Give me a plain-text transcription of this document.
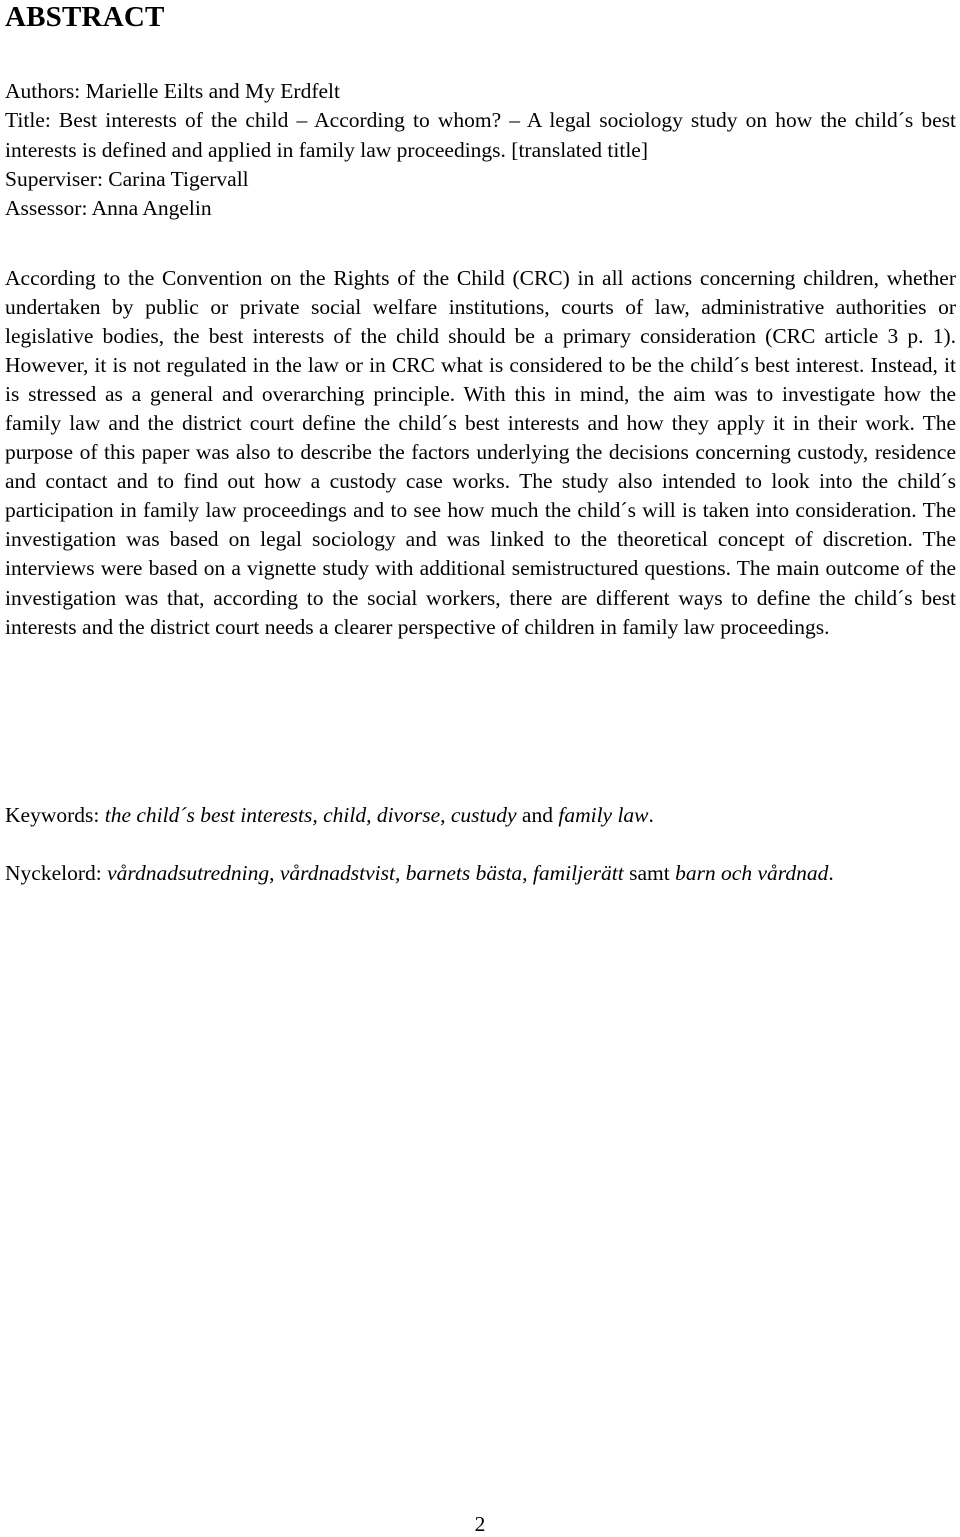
ABSTRACT
Authors: Marielle Eilts and My Erdfelt
Title: Best interests of the child – According to whom? – A legal sociology study on how the child´s best interests is defined and applied in family law proceedings. [translated title]
Superviser: Carina Tigervall
Assessor: Anna Angelin

According to the Convention on the Rights of the Child (CRC) in all actions concerning children, whether undertaken by public or private social welfare institutions, courts of law, administrative authorities or legislative bodies, the best interests of the child should be a primary consideration (CRC article 3 p. 1). However, it is not regulated in the law or in CRC what is considered to be the child´s best interest. Instead, it is stressed as a general and overarching principle. With this in mind, the aim was to investigate how the family law and the district court define the child´s best interests and how they apply it in their work. The purpose of this paper was also to describe the factors underlying the decisions concerning custody, residence and contact and to find out how a custody case works. The study also intended to look into the child´s participation in family law proceedings and to see how much the child´s will is taken into consideration. The investigation was based on legal sociology and was linked to the theoretical concept of discretion. The interviews were based on a vignette study with additional semistructured questions. The main outcome of the investigation was that, according to the social workers, there are different ways to define the child´s best interests and the district court needs a clearer perspective of children in family law proceedings.

Keywords: the child´s best interests, child, divorse, custudy and family law.

Nyckelord: vårdnadsutredning, vårdnadstvist, barnets bästa, familjerätt samt barn och vårdnad.

2
